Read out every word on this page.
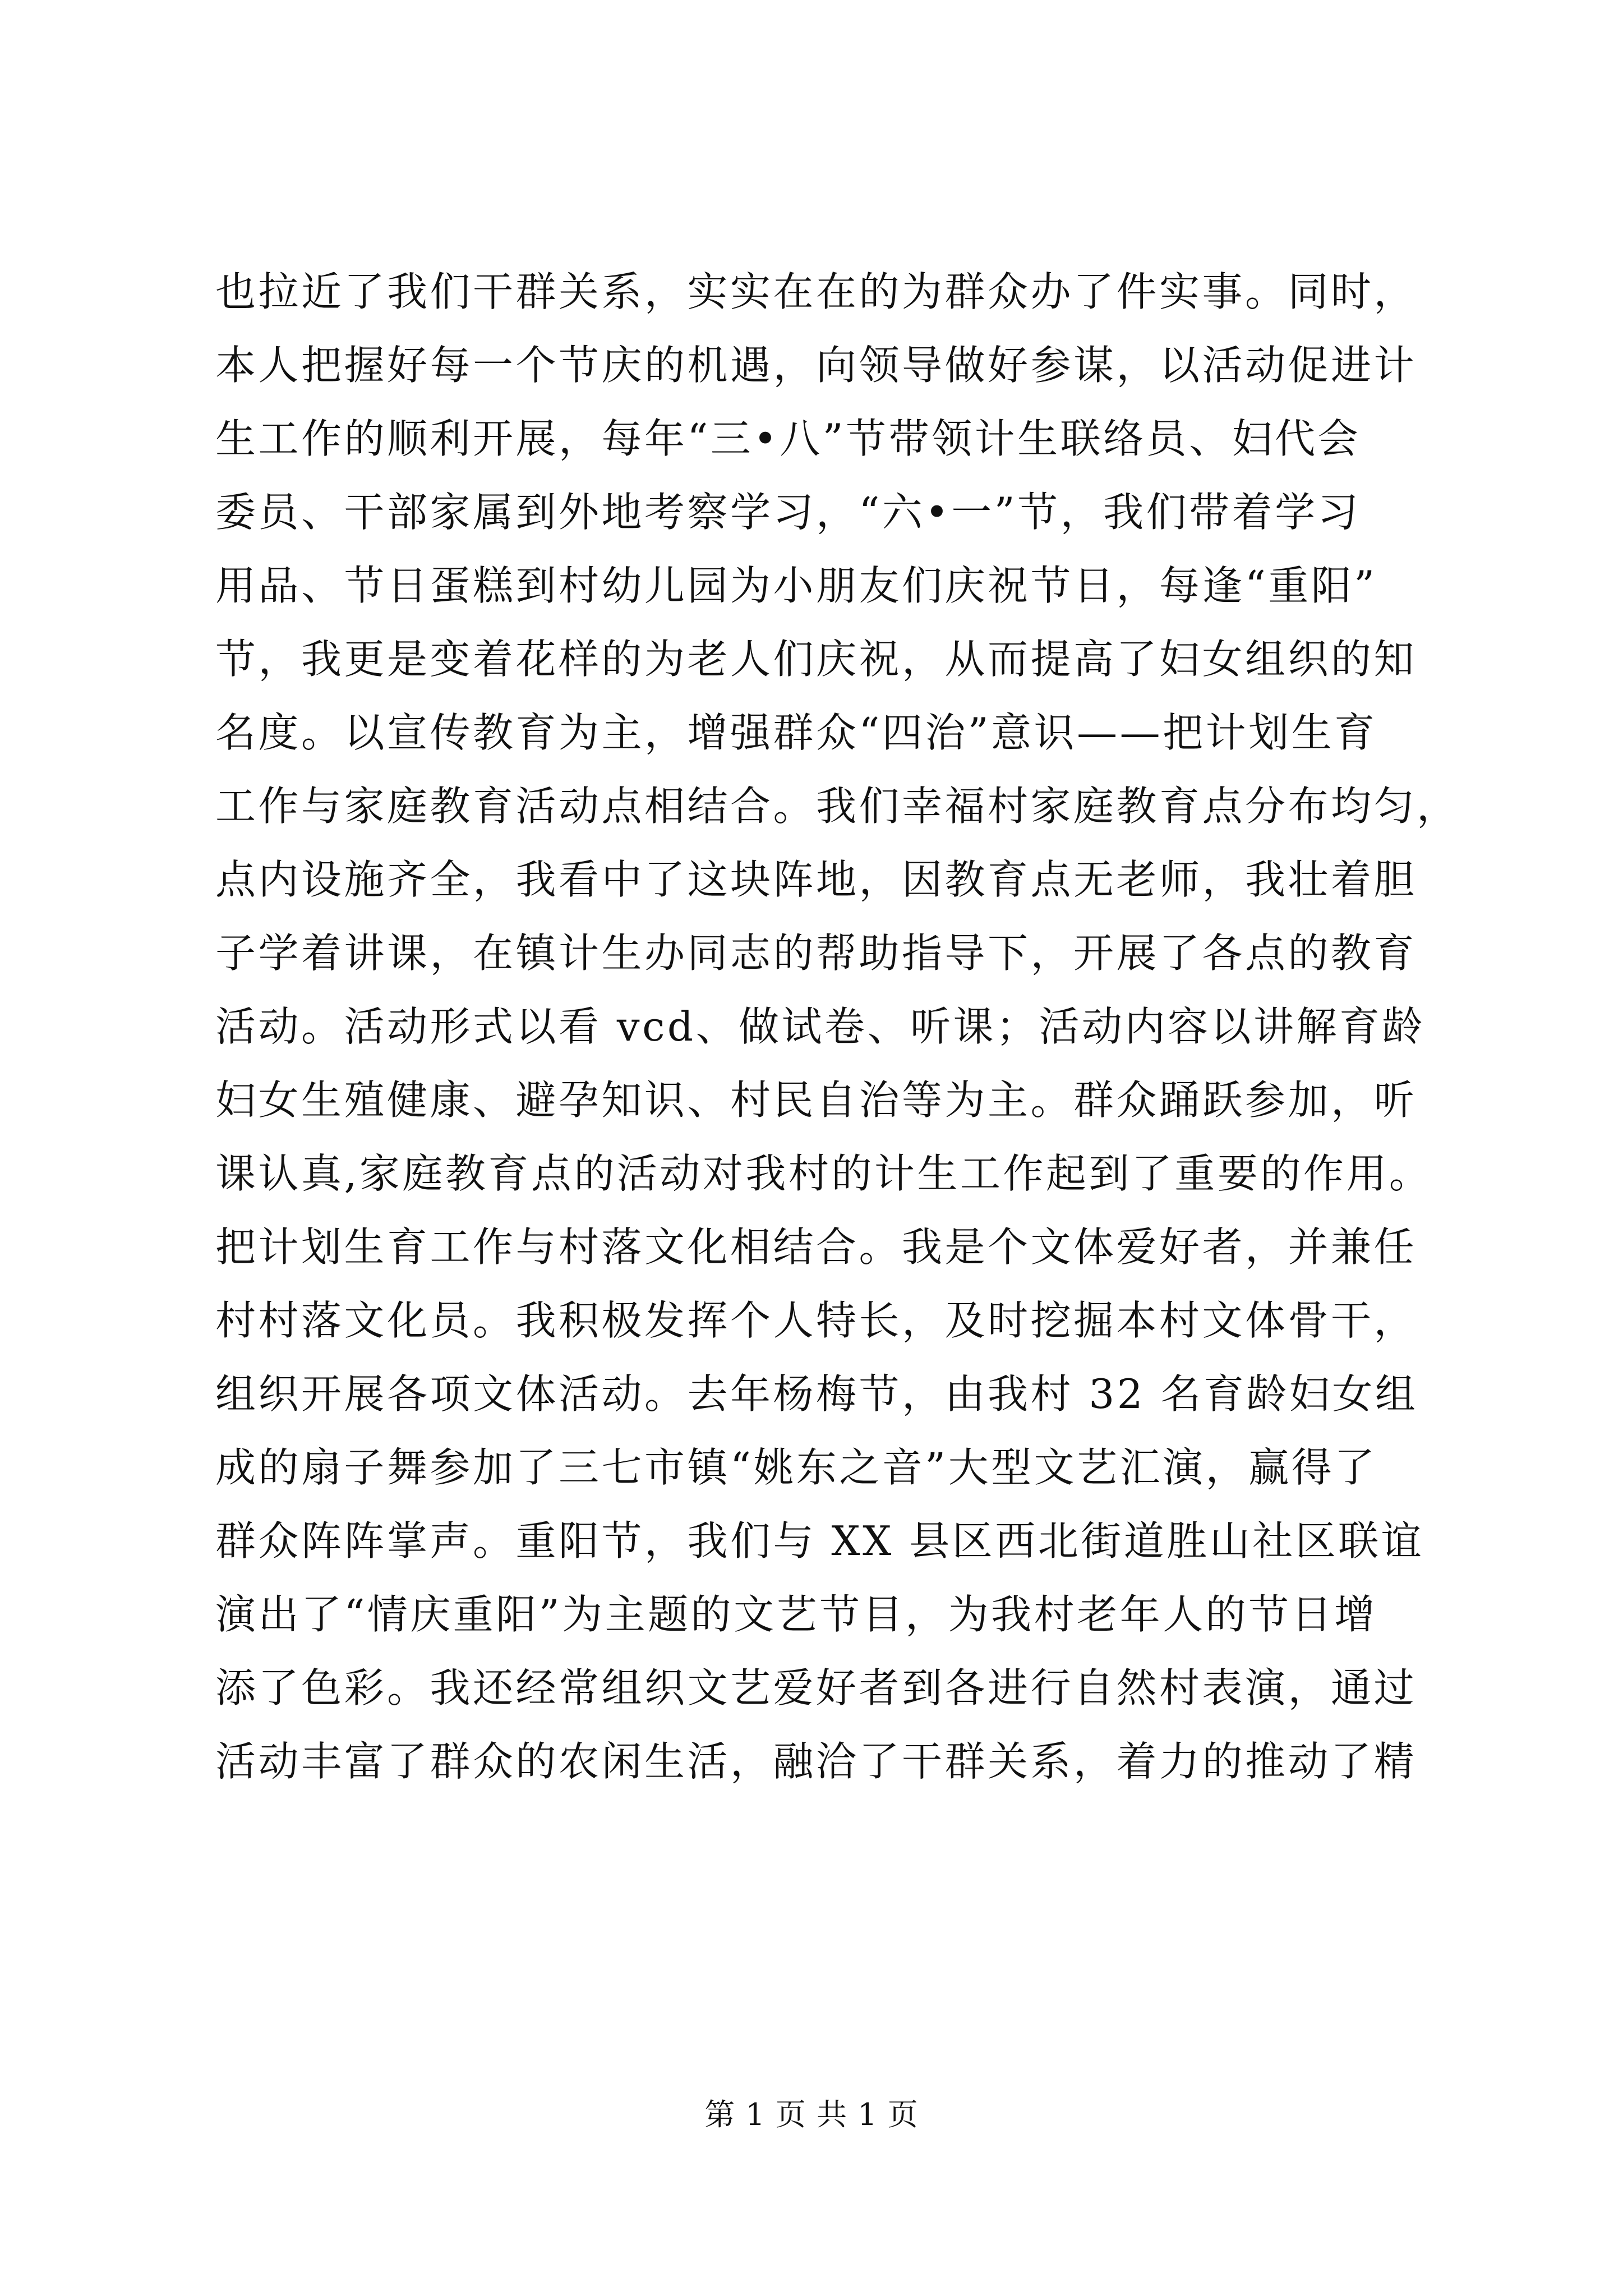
也拉近了我们干群关系，实实在在的为群众办了件实事。同时，
本人把握好每一个节庆的机遇，向领导做好参谋，以活动促进计
生工作的顺利开展，每年“三•八”节带领计生联络员、妇代会
委员、干部家属到外地考察学习，“六•一”节，我们带着学习
用品、节日蛋糕到村幼儿园为小朋友们庆祝节日，每逢“重阳”
节，我更是变着花样的为老人们庆祝，从而提高了妇女组织的知
名度。以宣传教育为主，增强群众“四治”意识——把计划生育
工作与家庭教育活动点相结合。我们幸福村家庭教育点分布均匀，
点内设施齐全，我看中了这块阵地，因教育点无老师，我壮着胆
子学着讲课，在镇计生办同志的帮助指导下，开展了各点的教育
活动。活动形式以看 vcd、做试卷、听课；活动内容以讲解育龄
妇女生殖健康、避孕知识、村民自治等为主。群众踊跃参加，听
课认真,家庭教育点的活动对我村的计生工作起到了重要的作用。
把计划生育工作与村落文化相结合。我是个文体爱好者，并兼任
村村落文化员。我积极发挥个人特长，及时挖掘本村文体骨干，
组织开展各项文体活动。去年杨梅节，由我村 32 名育龄妇女组
成的扇子舞参加了三七市镇“姚东之音”大型文艺汇演，赢得了
群众阵阵掌声。重阳节，我们与 XX 县区西北街道胜山社区联谊
演出了“情庆重阳”为主题的文艺节目，为我村老年人的节日增
添了色彩。我还经常组织文艺爱好者到各进行自然村表演，通过
活动丰富了群众的农闲生活，融洽了干群关系，着力的推动了精
第 1 页 共 1 页
